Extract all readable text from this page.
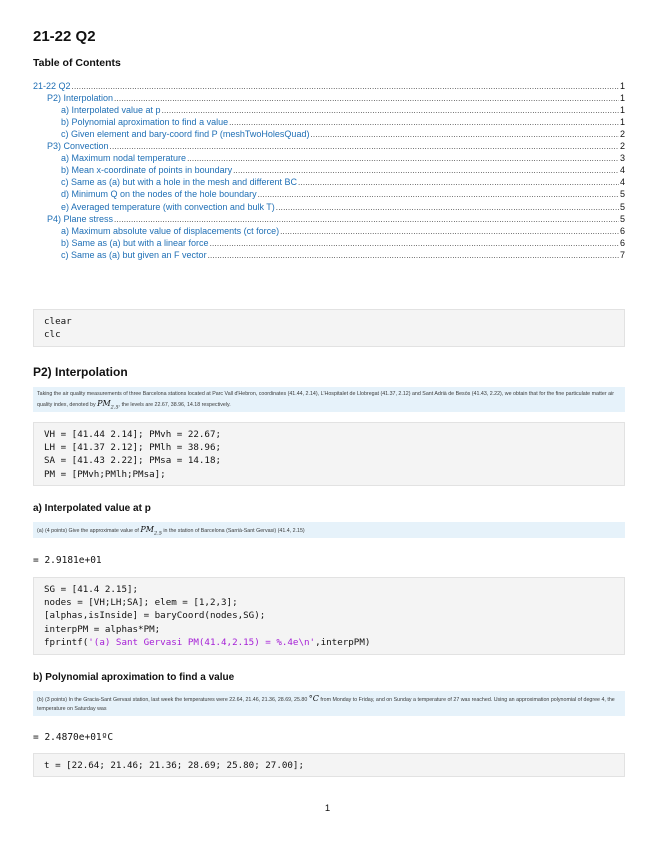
21-22 Q2
Table of Contents
21-22 Q2 .....	1
P2) Interpolation .....	1
a) Interpolated value at p .....	1
b) Polynomial aproximation to find a value .....	1
c) Given element and bary-coord find P (meshTwoHolesQuad) .....	2
P3) Convection .....	2
a) Maximum nodal temperature .....	3
b) Mean x-coordinate of points in boundary .....	4
c) Same as (a) but with a hole in the mesh and different BC .....	4
d) Minimum Q on the nodes of the hole boundary .....	5
e) Averaged temperature (with convection and bulk T) .....	5
P4) Plane stress .....	5
a) Maximum absolute value of displacements (ct force) .....	6
b) Same as (a) but with a linear force .....	6
c) Same as (a) but given an F vector .....	7
clear
clc
P2) Interpolation
Taking the air quality measurements of three Barcelona stations located at Parc Vall d'Hebron, coordinates (41.44, 2.14), L'Hospitalet de Llobregat (41.37, 2.12) and Sant Adrià de Besòs (41.43, 2.22), we obtain that for the fine particulate matter air quality index, denoted by $PM_{2.5}$, the levels are 22.67, 38.96, 14.18 respectively.
VH = [41.44 2.14]; PMvh = 22.67;
LH = [41.37 2.12]; PMlh = 38.96;
SA = [41.43 2.22]; PMsa = 14.18;
PM = [PMvh;PMlh;PMsa];
a) Interpolated value at p
(a) (4 points) Give the approximate value of $PM_{2.5}$ in the station of Barcelona (Sarrià-Sant Gervasi) (41.4, 2.15)
= 2.9181e+01
SG = [41.4 2.15];
nodes = [VH;LH;SA]; elem = [1,2,3];
[alphas,isInside] = baryCoord(nodes,SG);
interpPM = alphas*PM;
fprintf('(a) Sant Gervasi PM(41.4,2.15) = %.4e\n',interpPM)
b) Polynomial aproximation to find a value
(b) (3 points) In the Gracia-Sant Gervasi station, last week the temperatures were 22.64, 21.46, 21.36, 28.69, 25.80 °C from Monday to Friday, and on Sunday a temperature of 27 was reached. Using an approximation polynomial of degree 4, the temperature on Saturday was
= 2.4870e+01ºC
t = [22.64; 21.46; 21.36; 28.69; 25.80; 27.00];
1
